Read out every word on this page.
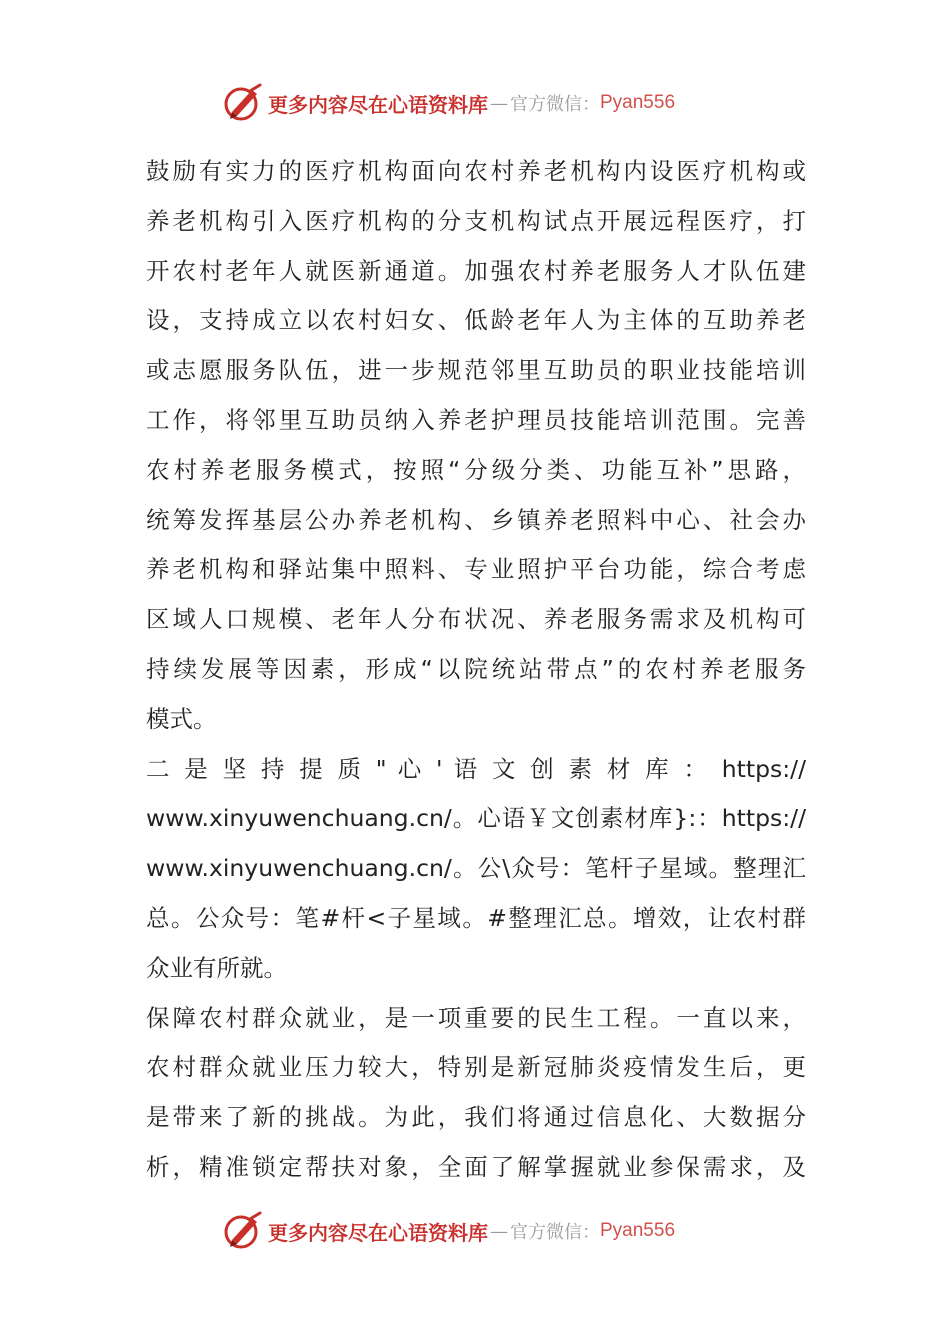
更多内容尽在心语资料库 — 官方微信： Pyan556
鼓励有实力的医疗机构面向农村养老机构内设医疗机构或
养老机构引入医疗机构的分支机构试点开展远程医疗，打
开农村老年人就医新通道。加强农村养老服务人才队伍建
设，支持成立以农村妇女、低龄老年人为主体的互助养老
或志愿服务队伍，进一步规范邻里互助员的职业技能培训
工作，将邻里互助员纳入养老护理员技能培训范围。完善
农村养老服务模式，按照“分级分类、功能互补”思路，
统筹发挥基层公办养老机构、乡镇养老照料中心、社会办
养老机构和驿站集中照料、专业照护平台功能，综合考虑
区域人口规模、老年人分布状况、养老服务需求及机构可
持续发展等因素，形成“以院统站带点”的农村养老服务
模式。
二 是 坚 持 提 质 " 心 ' 语 文 创 素 材 库 ： https://
www.xinyuwenchuang.cn/。心语￥文创素材库}:：https://
www.xinyuwenchuang.cn/。公\众号：笔杆子星域。整理汇
总。公众号：笔#杆<子星域。#整理汇总。增效，让农村群
众业有所就。
保障农村群众就业，是一项重要的民生工程。一直以来，
农村群众就业压力较大，特别是新冠肺炎疫情发生后，更
是带来了新的挑战。为此，我们将通过信息化、大数据分
析，精准锁定帮扶对象，全面了解掌握就业参保需求，及
更多内容尽在心语资料库 — 官方微信： Pyan556
